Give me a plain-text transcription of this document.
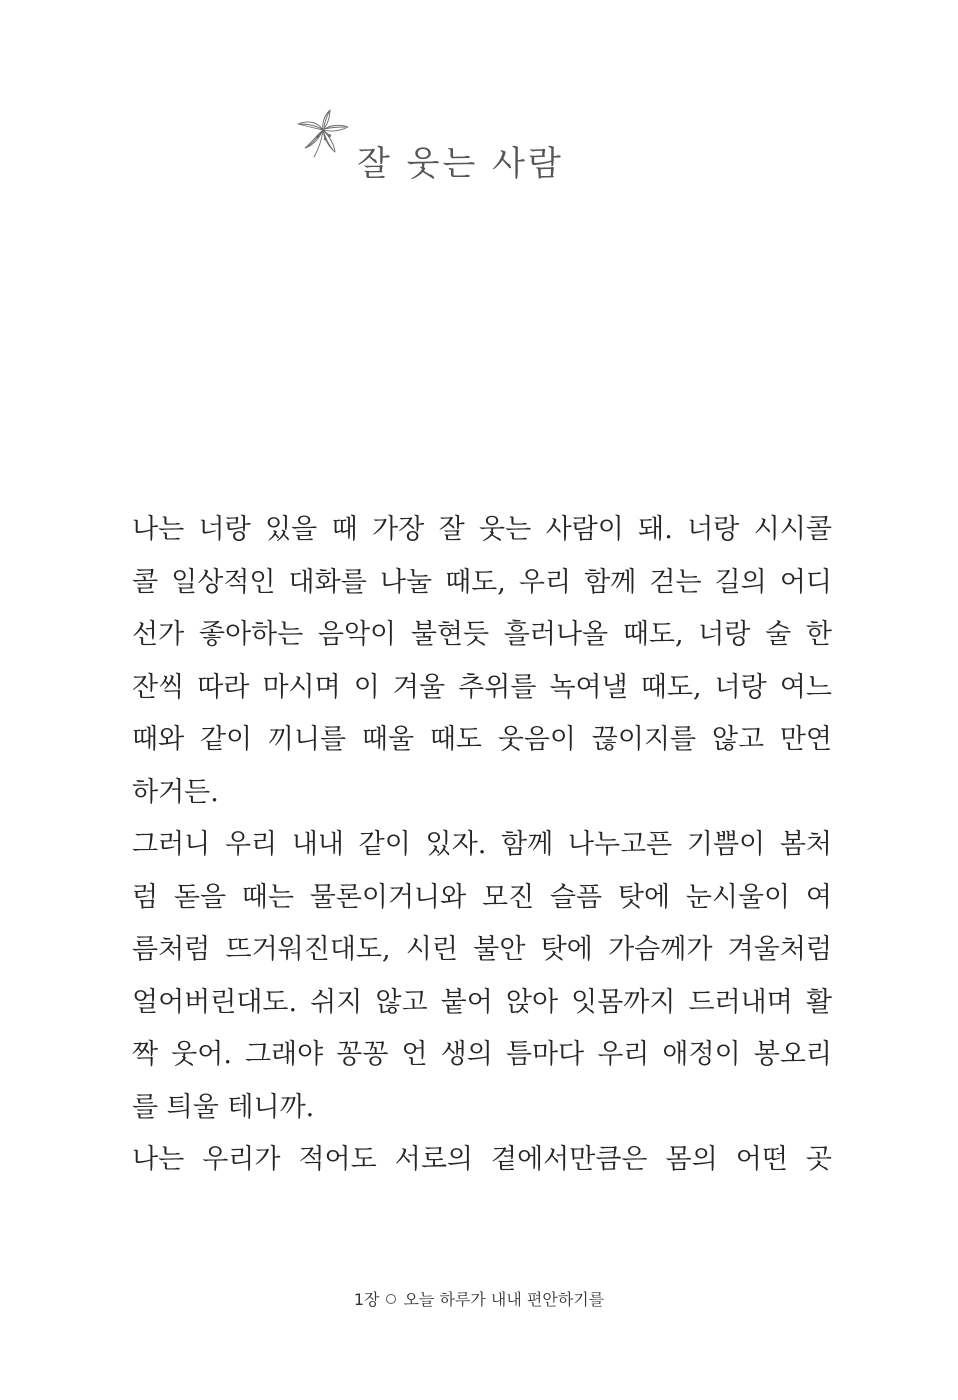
잘 웃는 사람
나는 너랑 있을 때 가장 잘 웃는 사람이 돼. 너랑 시시콜
콜 일상적인 대화를 나눌 때도, 우리 함께 걷는 길의 어디
선가 좋아하는 음악이 불현듯 흘러나올 때도, 너랑 술 한
잔씩 따라 마시며 이 겨울 추위를 녹여낼 때도, 너랑 여느
때와 같이 끼니를 때울 때도 웃음이 끊이지를 않고 만연
하거든.
그러니 우리 내내 같이 있자. 함께 나누고픈 기쁨이 봄처
럼 돋을 때는 물론이거니와 모진 슬픔 탓에 눈시울이 여
름처럼 뜨거워진대도, 시린 불안 탓에 가슴께가 겨울처럼
얼어버린대도. 쉬지 않고 붙어 앉아 잇몸까지 드러내며 활
짝 웃어. 그래야 꽁꽁 언 생의 틈마다 우리 애정이 봉오리
를 틔울 테니까.
나는 우리가 적어도 서로의 곁에서만큼은 몸의 어떤 곳
1장 오늘 하루가 내내 편안하기를
